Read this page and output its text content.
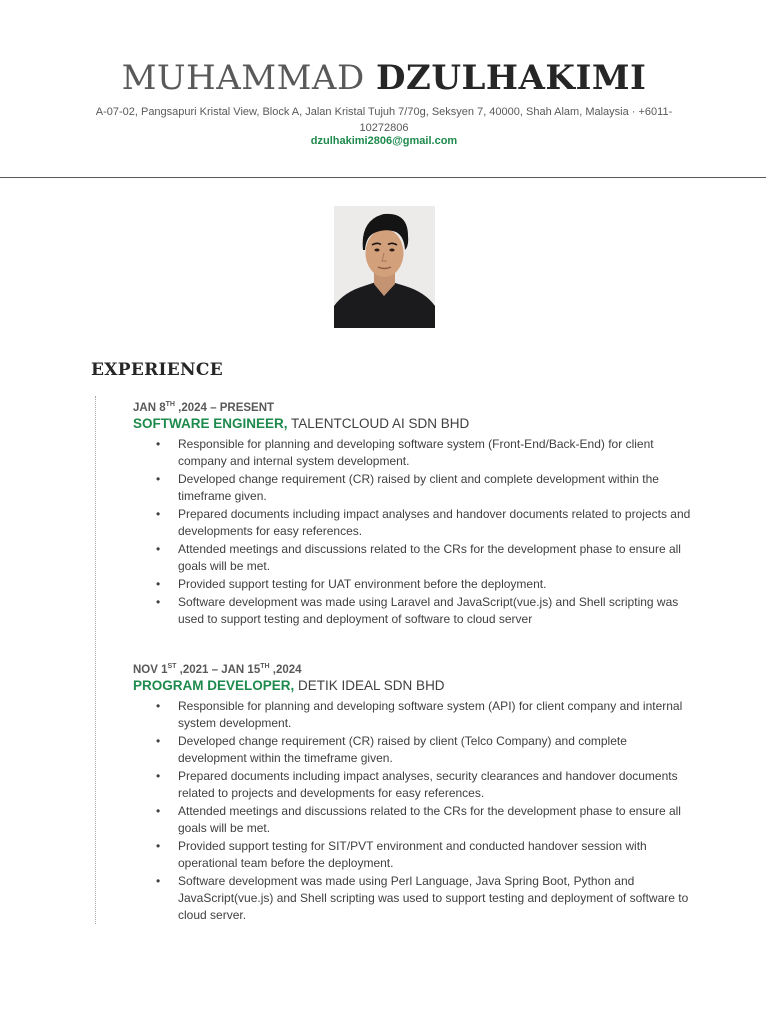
MUHAMMAD DZULHAKIMI
A-07-02, Pangsapuri Kristal View, Block A, Jalan Kristal Tujuh 7/70g, Seksyen 7, 40000, Shah Alam, Malaysia · +6011-10272806
dzulhakimi2806@gmail.com
EXPERIENCE
JAN 8TH ,2024 – PRESENT
SOFTWARE ENGINEER, TALENTCLOUD AI SDN BHD
• Responsible for planning and developing software system (Front-End/Back-End) for client company and internal system development.
• Developed change requirement (CR) raised by client and complete development within the timeframe given.
• Prepared documents including impact analyses and handover documents related to projects and developments for easy references.
• Attended meetings and discussions related to the CRs for the development phase to ensure all goals will be met.
• Provided support testing for UAT environment before the deployment.
• Software development was made using Laravel and JavaScript(vue.js) and Shell scripting was used to support testing and deployment of software to cloud server
NOV 1ST ,2021 – JAN 15TH ,2024
PROGRAM DEVELOPER, DETIK IDEAL SDN BHD
• Responsible for planning and developing software system (API) for client company and internal system development.
• Developed change requirement (CR) raised by client (Telco Company) and complete development within the timeframe given.
• Prepared documents including impact analyses, security clearances and handover documents related to projects and developments for easy references.
• Attended meetings and discussions related to the CRs for the development phase to ensure all goals will be met.
• Provided support testing for SIT/PVT environment and conducted handover session with operational team before the deployment.
• Software development was made using Perl Language, Java Spring Boot, Python and JavaScript(vue.js) and Shell scripting was used to support testing and deployment of software to cloud server.
